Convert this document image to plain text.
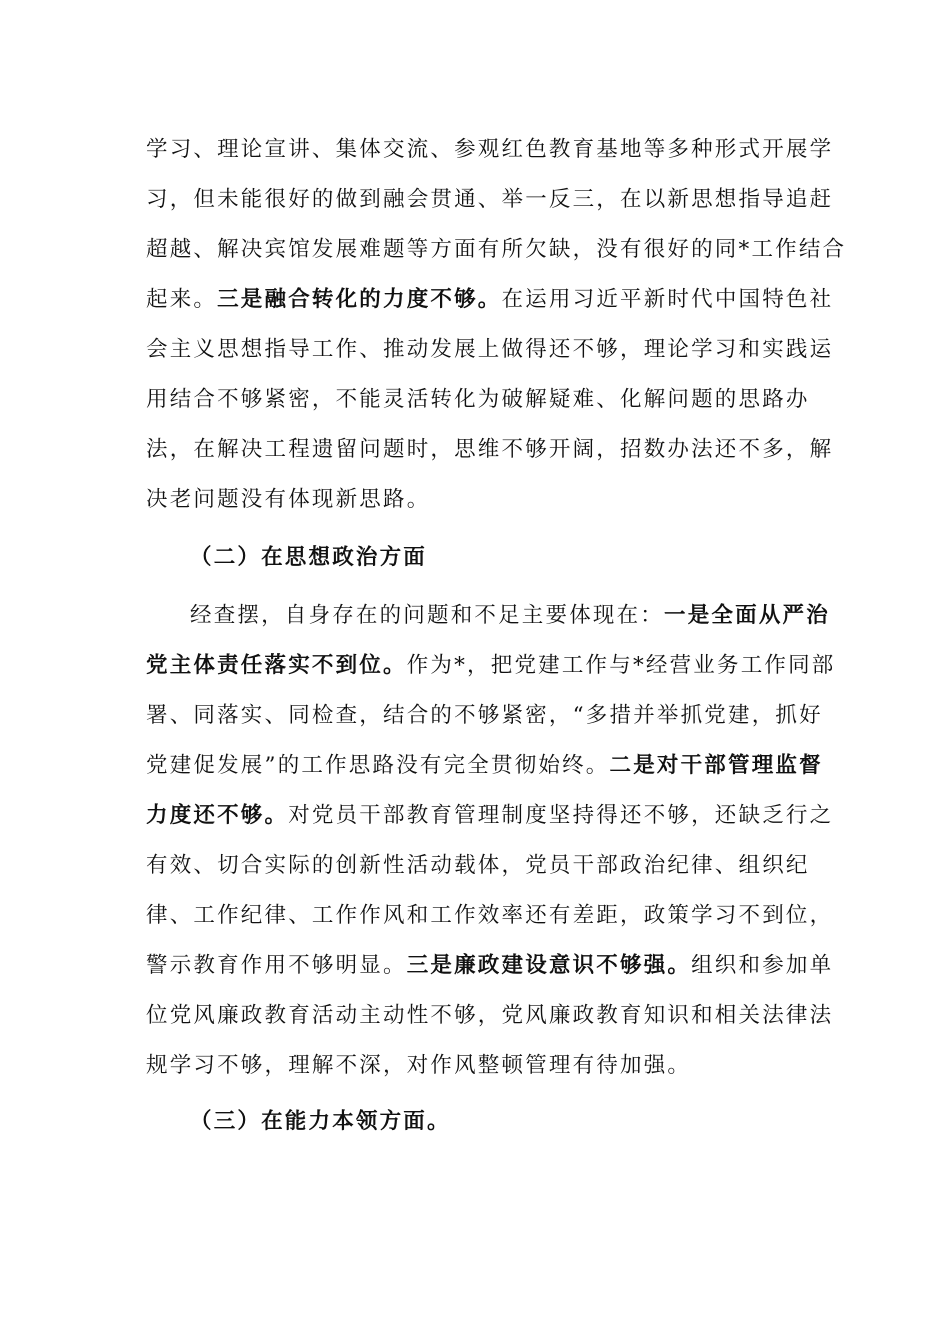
学习、理论宣讲、集体交流、参观红色教育基地等多种形式开展学
习，但未能很好的做到融会贯通、举一反三，在以新思想指导追赶
超越、解决宾馆发展难题等方面有所欠缺，没有很好的同*工作结合
起来。三是融合转化的力度不够。在运用习近平新时代中国特色社
会主义思想指导工作、推动发展上做得还不够，理论学习和实践运
用结合不够紧密，不能灵活转化为破解疑难、化解问题的思路办
法，在解决工程遗留问题时，思维不够开阔，招数办法还不多，解
决老问题没有体现新思路。
（二）在思想政治方面
经查摆，自身存在的问题和不足主要体现在：一是全面从严治
党主体责任落实不到位。作为*，把党建工作与*经营业务工作同部
署、同落实、同检查，结合的不够紧密，“多措并举抓党建，抓好
党建促发展”的工作思路没有完全贯彻始终。二是对干部管理监督
力度还不够。对党员干部教育管理制度坚持得还不够，还缺乏行之
有效、切合实际的创新性活动载体，党员干部政治纪律、组织纪
律、工作纪律、工作作风和工作效率还有差距，政策学习不到位，
警示教育作用不够明显。三是廉政建设意识不够强。组织和参加单
位党风廉政教育活动主动性不够，党风廉政教育知识和相关法律法
规学习不够，理解不深，对作风整顿管理有待加强。
（三）在能力本领方面。
